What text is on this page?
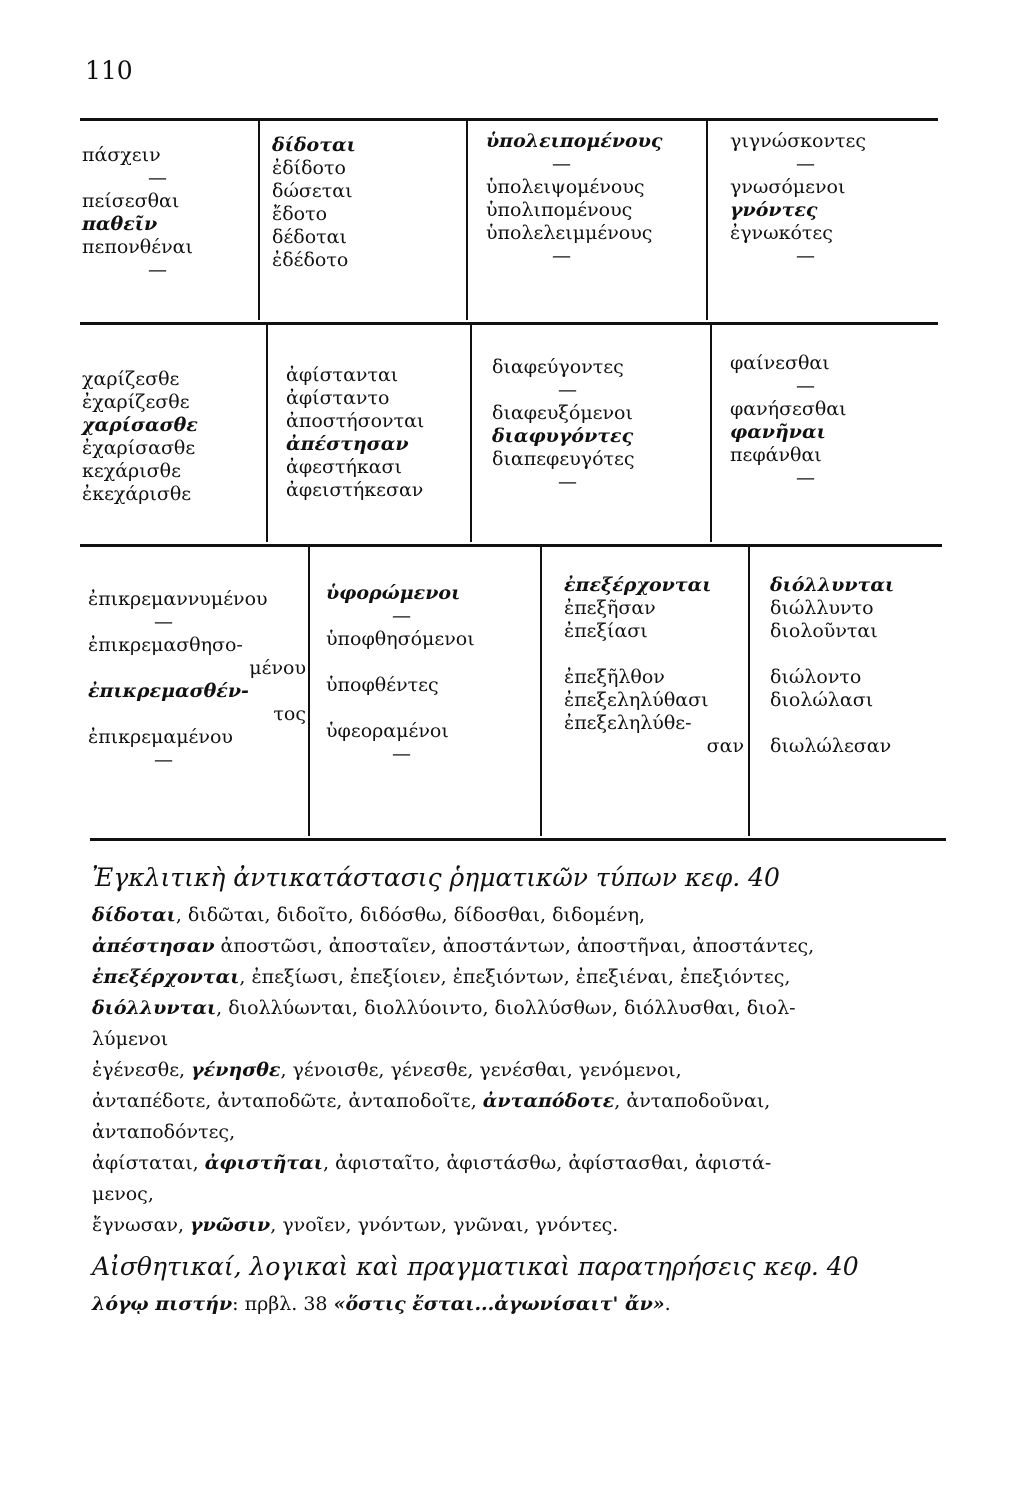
110
πάσχειν
—
πείσεσθαι
παθεῖν
πεπονθέναι
—
δίδοται
ἐδίδοτο
δώσεται
ἔδοτο
δέδοται
ἐδέδοτο
ὑπολειπομένους
—
ὑπολειψομένους
ὑπολιπομένους
ὑπολελειμμένους
—
γιγνώσκοντες
—
γνωσόμενοι
γνόντες
ἐγνωκότες
—
χαρίζεσθε
ἐχαρίζεσθε
χαρίσασθε
ἐχαρίσασθε
κεχάρισθε
ἐκεχάρισθε
ἀφίστανται
ἀφίσταντο
ἀποστήσονται
ἀπέστησαν
ἀφεστήκασι
ἀφειστήκεσαν
διαφεύγοντες
—
διαφευξόμενοι
διαφυγόντες
διαπεφευγότες
—
φαίνεσθαι
—
φανήσεσθαι
φανῆναι
πεφάνθαι
—
ἐπικρεμαννυμένου
—
ἐπικρεμασθησο-
μένου
ἐπικρεμασθέν-
τος
ἐπικρεμαμένου
—
ὑφορώμενοι
—
ὑποφθησόμενοι
ὑποφθέντες
ὑφεοραμένοι
—
ἐπεξέρχονται
ἐπεξῆσαν
ἐπεξίασι
ἐπεξῆλθον
ἐπεξεληλύθασι
ἐπεξεληλύθε-
σαν
διόλλυνται
διώλλυντο
διολοῦνται
διώλοντο
διολώλασι
διωλώλεσαν
Ἐγκλιτικὴ ἀντικατάστασις ῥηματικῶν τύπων κεφ. 40
δίδοται, διδῶται, διδοῖτο, διδόσθω, δίδοσθαι, διδομένη,
ἀπέστησαν ἀποστῶσι, ἀποσταῖεν, ἀποστάντων, ἀποστῆναι, ἀποστάντες,
ἐπεξέρχονται, ἐπεξίωσι, ἐπεξίοιεν, ἐπεξιόντων, ἐπεξιέναι, ἐπεξιόντες,
διόλλυνται, διολλύωνται, διολλύοιντο, διολλύσθων, διόλλυσθαι, διολ-
λύμενοι
ἐγένεσθε, γένησθε, γένοισθε, γένεσθε, γενέσθαι, γενόμενοι,
ἀνταπέδοτε, ἀνταποδῶτε, ἀνταποδοῖτε, ἀνταπόδοτε, ἀνταποδοῦναι,
ἀνταποδόντες,
ἀφίσταται, ἀφιστῆται, ἀφισταῖτο, ἀφιστάσθω, ἀφίστασθαι, ἀφιστά-
μενος,
ἔγνωσαν, γνῶσιν, γνοῖεν, γνόντων, γνῶναι, γνόντες.
Αἰσθητικαί, λογικαὶ καὶ πραγματικαὶ παρατηρήσεις κεφ. 40
λόγῳ πιστήν: πρβλ. 38 «ὅστις ἔσται...ἀγωνίσαιτ' ἄν».
